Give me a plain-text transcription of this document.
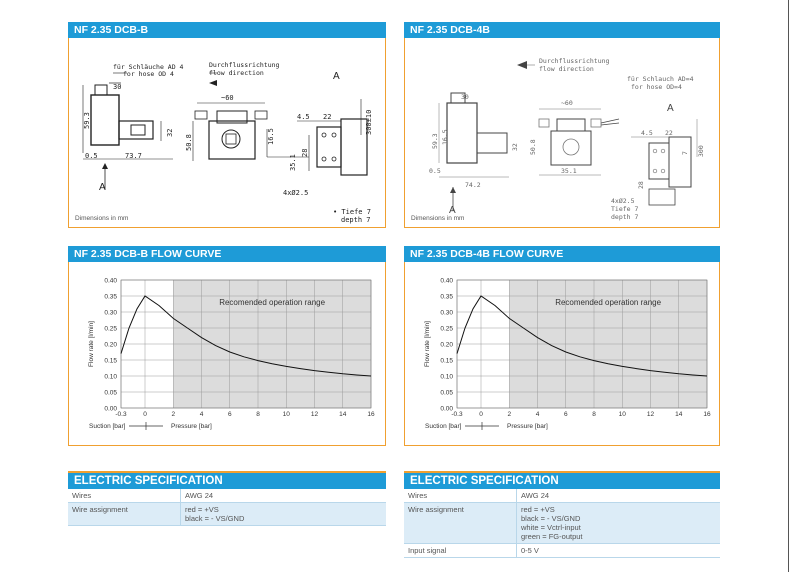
NF 2.35 DCB-B
für Schläuche AD 4
for hose OD 4
Durchflussrichtung
flow direction	A
A
30
~60
59.3
73.7
0.5
32
50.8	16.5
4.5 22	300±10
35.1
28
4xØ2.5
• Tiefe 7
depth 7
Dimensions in mm
NF 2.35 DCB-4B
Durchflussrichtung
flow direction
für Schlauch AD=4
for hose OD=4
A
A
30
~60
59.3 16.5
74.2
0.5
32 50.8
35.1
4.5 22
7 300
28
4xØ2.5
Tiefe 7
depth 7
Dimensions in mm
NF 2.35 DCB-B FLOW CURVE
0.00
0.05
0.10
0.15
0.20
0.25
0.30
0.35
0.40
-0.3	0	2	4	6	8	10	12	14	16
Recomended operation range
Flow rate [l/min]
Suction [bar]	Pressure [bar]
NF 2.35 DCB-4B FLOW CURVE
0.00
0.05
0.10
0.15
0.20
0.25
0.30
0.35
0.40
-0.3	0	2	4	6	8	10	12	14	16
Recomended operation range
Flow rate [l/min]
Suction [bar]	Pressure [bar]
ELECTRIC SPECIFICATION
Wires	AWG 24
Wire assignment	red = +VS
black = - VS/GND
ELECTRIC SPECIFICATION
Wires	AWG 24
Wire assignment	red = +VS
black = - VS/GND
white = Vctrl-input
green = FG-output
Input signal	0-5 V
